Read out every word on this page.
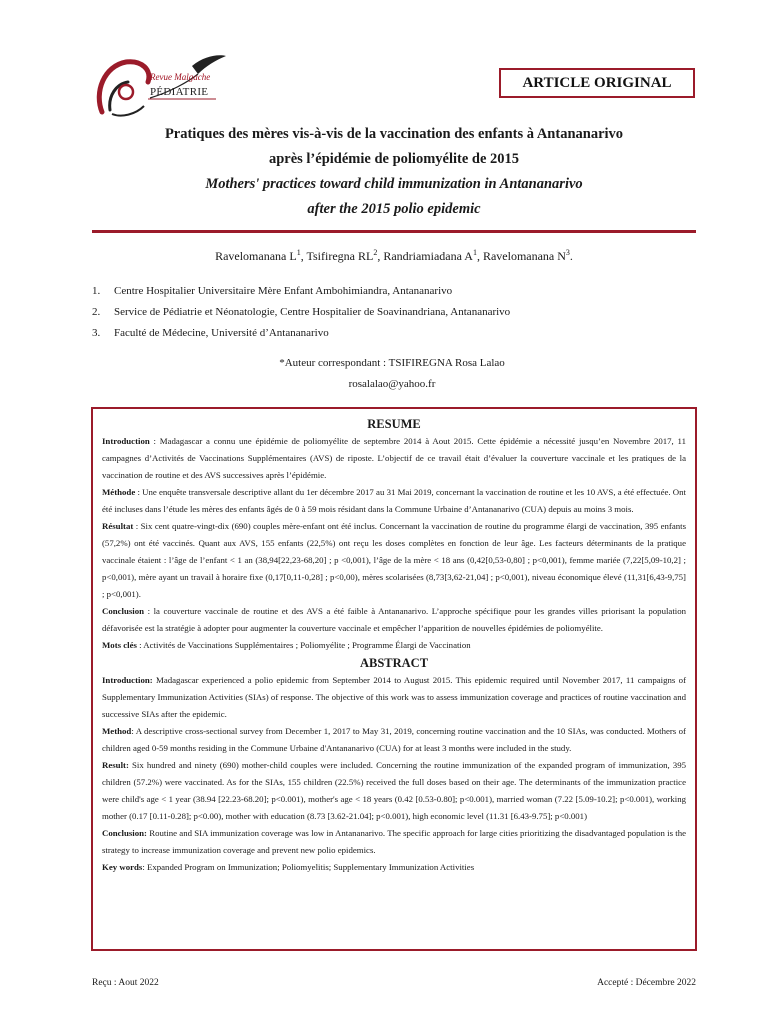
Revue Malgache
PÉDIATRIE
ARTICLE ORIGINAL
Pratiques des mères vis-à-vis de la vaccination des enfants à Antananarivo
après l’épidémie de poliomyélite de 2015
Mothers' practices toward child immunization in Antananarivo
after the 2015 polio epidemic
Ravelomanana $L^1$, Tsifiregna $RL^2$, Randriamiadana $A^1$, Ravelomanana $N^3$.
1.	Centre Hospitalier Universitaire Mère Enfant Ambohimiandra, Antananarivo
2.	Service de Pédiatrie et Néonatologie, Centre Hospitalier de Soavinandriana, Antananarivo
3.	Faculté de Médecine, Université d’Antananarivo
*Auteur correspondant : TSIFIREGNA Rosa Lalao
rosalalao@yahoo.fr
RESUME

Introduction : Madagascar a connu une épidémie de poliomyélite de septembre 2014 à Aout 2015. Cette épidémie a nécessité jusqu’en Novembre 2017, 11 campagnes d’Activités de Vaccinations Supplémentaires (AVS) de riposte. L’objectif de ce travail était d’évaluer la couverture vaccinale et les pratiques de la vaccination de routine et des AVS successives après l’épidémie.

Méthode : Une enquête transversale descriptive allant du 1er décembre 2017 au 31 Mai 2019, concernant la vaccination de routine et les 10 AVS, a été effectuée. Ont été incluses dans l’étude les mères des enfants âgés de 0 à 59 mois résidant dans la Commune Urbaine d’Antananarivo (CUA) depuis au moins 3 mois.

Résultat : Six cent quatre-vingt-dix (690) couples mère-enfant ont été inclus. Concernant la vaccination de routine du programme élargi de vaccination, 395 enfants (57,2%) ont été vaccinés. Quant aux AVS, 155 enfants (22,5%) ont reçu les doses complètes en fonction de leur âge. Les facteurs déterminants de la pratique vaccinale étaient : l’âge de l’enfant < 1 an (38,94[22,23-68,20] ; p <0,001), l’âge de la mère < 18 ans (0,42[0,53-0,80] ; p<0,001), femme mariée (7,22[5,09-10,2] ; p<0,001), mère ayant un travail à horaire fixe (0,17[0,11-0,28] ; p<0,00), mères scolarisées (8,73[3,62-21,04] ; p<0,001), niveau économique élevé (11,31[6,43-9,75] ; p<0,001).

Conclusion : la couverture vaccinale de routine et des AVS a été faible à Antananarivo. L’approche spécifique pour les grandes villes priorisant la population défavorisée est la stratégie à adopter pour augmenter la couverture vaccinale et empêcher l’apparition de nouvelles épidémies de poliomyélite.

Mots clés : Activités de Vaccinations Supplémentaires ; Poliomyélite ; Programme Élargi de Vaccination

ABSTRACT

Introduction: Madagascar experienced a polio epidemic from September 2014 to August 2015. This epidemic required until November 2017, 11 campaigns of Supplementary Immunization Activities (SIAs) of response. The objective of this work was to assess immunization coverage and practices of routine vaccination and successive SIAs after the epidemic.

Method: A descriptive cross-sectional survey from December 1, 2017 to May 31, 2019, concerning routine vaccination and the 10 SIAs, was conducted. Mothers of children aged 0-59 months residing in the Commune Urbaine d'Antananarivo (CUA) for at least 3 months were included in the study.

Result: Six hundred and ninety (690) mother-child couples were included. Concerning the routine immunization of the expanded program of immunization, 395 children (57.2%) were vaccinated. As for the SIAs, 155 children (22.5%) received the full doses based on their age. The determinants of the immunization practice were child's age < 1 year (38.94 [22.23-68.20]; p<0.001), mother's age < 18 years (0.42 [0.53-0.80]; p<0.001), married woman (7.22 [5.09-10.2]; p<0.001), working mother (0.17 [0.11-0.28]; p<0.00), mother with education (8.73 [3.62-21.04]; p<0.001), high economic level (11.31 [6.43-9.75]; p<0.001)

Conclusion: Routine and SIA immunization coverage was low in Antananarivo. The specific approach for large cities prioritizing the disadvantaged population is the strategy to increase immunization coverage and prevent new polio epidemics.

Key words: Expanded Program on Immunization; Poliomyelitis; Supplementary Immunization Activities

Reçu : Aout 2022	Accepté : Décembre 2022
